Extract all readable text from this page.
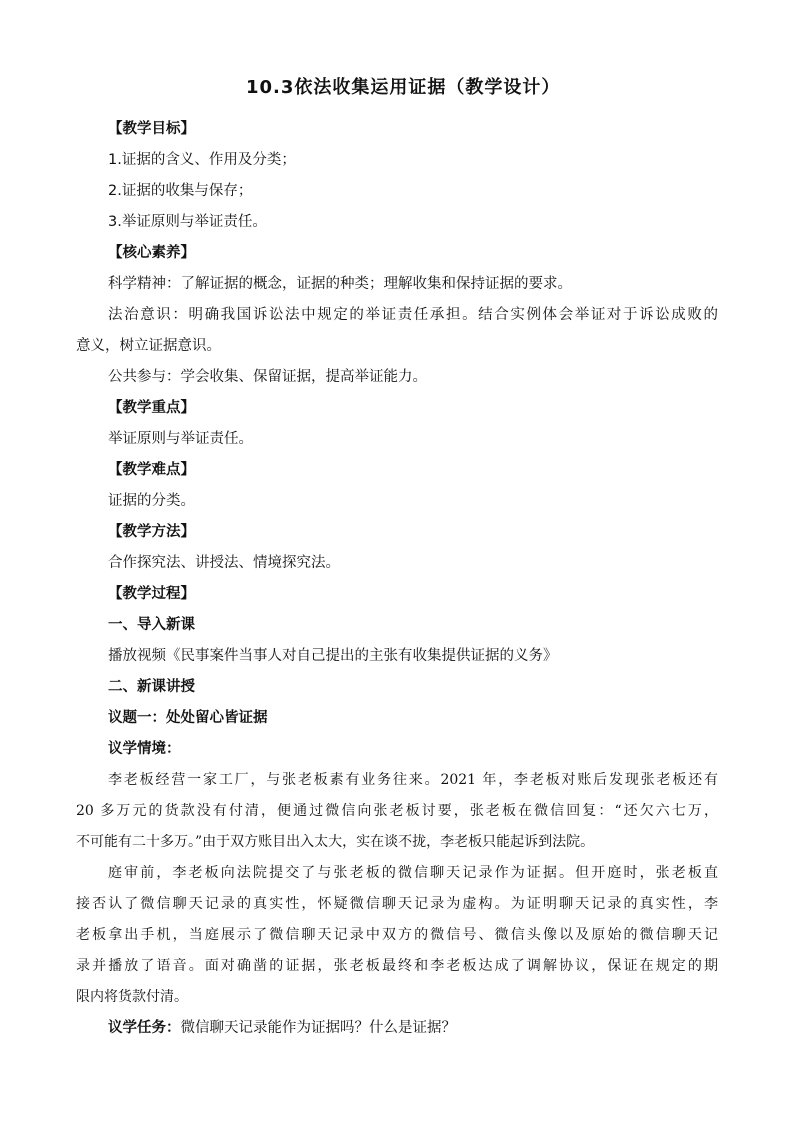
10.3依法收集运用证据（教学设计）
【教学目标】
1.证据的含义、作用及分类；
2.证据的收集与保存；
3.举证原则与举证责任。
【核心素养】
科学精神：了解证据的概念，证据的种类；理解收集和保持证据的要求。
法治意识：明确我国诉讼法中规定的举证责任承担。结合实例体会举证对于诉讼成败的
意义，树立证据意识。
公共参与：学会收集、保留证据，提高举证能力。
【教学重点】
举证原则与举证责任。
【教学难点】
证据的分类。
【教学方法】
合作探究法、讲授法、情境探究法。
【教学过程】
一、导入新课
播放视频《民事案件当事人对自己提出的主张有收集提供证据的义务》
二、新课讲授
议题一：处处留心皆证据
议学情境：
李老板经营一家工厂，与张老板素有业务往来。2021 年，李老板对账后发现张老板还有
20 多万元的货款没有付清，便通过微信向张老板讨要，张老板在微信回复：“还欠六七万，
不可能有二十多万。”由于双方账目出入太大，实在谈不拢，李老板只能起诉到法院。
庭审前，李老板向法院提交了与张老板的微信聊天记录作为证据。但开庭时，张老板直
接否认了微信聊天记录的真实性，怀疑微信聊天记录为虚构。为证明聊天记录的真实性，李
老板拿出手机，当庭展示了微信聊天记录中双方的微信号、微信头像以及原始的微信聊天记
录并播放了语音。面对确凿的证据，张老板最终和李老板达成了调解协议，保证在规定的期
限内将货款付清。
议学任务：微信聊天记录能作为证据吗？什么是证据？
